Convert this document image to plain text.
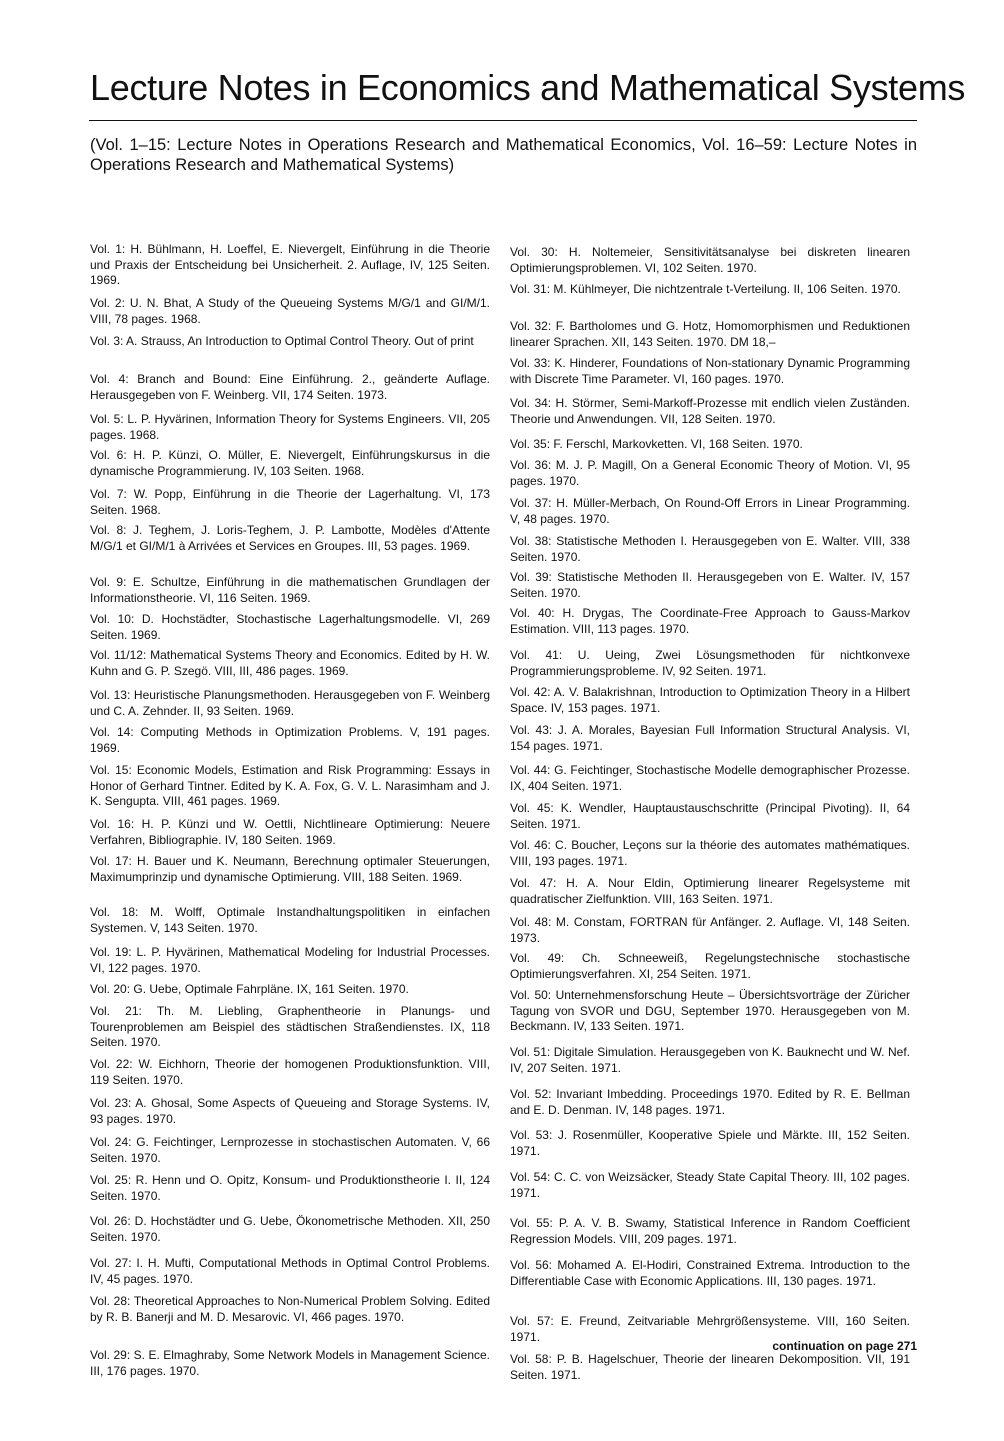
Lecture Notes in Economics and Mathematical Systems
(Vol. 1–15: Lecture Notes in Operations Research and Mathematical Economics, Vol. 16–59: Lecture Notes in Operations Research and Mathematical Systems)

Vol. 1: H. Bühlmann, H. Loeffel, E. Nievergelt, Einführung in die Theorie und Praxis der Entscheidung bei Unsicherheit. 2. Auflage, IV, 125 Seiten. 1969.

Vol. 2: U. N. Bhat, A Study of the Queueing Systems M/G/1 and GI/M/1. VIII, 78 pages. 1968.

Vol. 3: A. Strauss, An Introduction to Optimal Control Theory. Out of print

Vol. 4: Branch and Bound: Eine Einführung. 2., geänderte Auflage. Herausgegeben von F. Weinberg. VII, 174 Seiten. 1973.

Vol. 5: L. P. Hyvärinen, Information Theory for Systems Engineers. VII, 205 pages. 1968.

Vol. 6: H. P. Künzi, O. Müller, E. Nievergelt, Einführungskursus in die dynamische Programmierung. IV, 103 Seiten. 1968.

Vol. 7: W. Popp, Einführung in die Theorie der Lagerhaltung. VI, 173 Seiten. 1968.

Vol. 8: J. Teghem, J. Loris-Teghem, J. P. Lambotte, Modèles d'Attente M/G/1 et GI/M/1 à Arrivées et Services en Groupes. III, 53 pages. 1969.

Vol. 9: E. Schultze, Einführung in die mathematischen Grundlagen der Informationstheorie. VI, 116 Seiten. 1969.

Vol. 10: D. Hochstädter, Stochastische Lagerhaltungsmodelle. VI, 269 Seiten. 1969.

Vol. 11/12: Mathematical Systems Theory and Economics. Edited by H. W. Kuhn and G. P. Szegö. VIII, III, 486 pages. 1969.

Vol. 13: Heuristische Planungsmethoden. Herausgegeben von F. Weinberg und C. A. Zehnder. II, 93 Seiten. 1969.

Vol. 14: Computing Methods in Optimization Problems. V, 191 pages. 1969.

Vol. 15: Economic Models, Estimation and Risk Programming: Essays in Honor of Gerhard Tintner. Edited by K. A. Fox, G. V. L. Narasimham and J. K. Sengupta. VIII, 461 pages. 1969.

Vol. 16: H. P. Künzi und W. Oettli, Nichtlineare Optimierung: Neuere Verfahren, Bibliographie. IV, 180 Seiten. 1969.

Vol. 17: H. Bauer und K. Neumann, Berechnung optimaler Steuerungen, Maximumprinzip und dynamische Optimierung. VIII, 188 Seiten. 1969.

Vol. 18: M. Wolff, Optimale Instandhaltungspolitiken in einfachen Systemen. V, 143 Seiten. 1970.

Vol. 19: L. P. Hyvärinen, Mathematical Modeling for Industrial Processes. VI, 122 pages. 1970.

Vol. 20: G. Uebe, Optimale Fahrpläne. IX, 161 Seiten. 1970.

Vol. 21: Th. M. Liebling, Graphentheorie in Planungs- und Tourenproblemen am Beispiel des städtischen Straßendienstes. IX, 118 Seiten. 1970.

Vol. 22: W. Eichhorn, Theorie der homogenen Produktionsfunktion. VIII, 119 Seiten. 1970.

Vol. 23: A. Ghosal, Some Aspects of Queueing and Storage Systems. IV, 93 pages. 1970.

Vol. 24: G. Feichtinger, Lernprozesse in stochastischen Automaten. V, 66 Seiten. 1970.

Vol. 25: R. Henn und O. Opitz, Konsum- und Produktionstheorie I. II, 124 Seiten. 1970.

Vol. 26: D. Hochstädter und G. Uebe, Ökonometrische Methoden. XII, 250 Seiten. 1970.

Vol. 27: I. H. Mufti, Computational Methods in Optimal Control Problems. IV, 45 pages. 1970.

Vol. 28: Theoretical Approaches to Non-Numerical Problem Solving. Edited by R. B. Banerji and M. D. Mesarovic. VI, 466 pages. 1970.

Vol. 29: S. E. Elmaghraby, Some Network Models in Management Science. III, 176 pages. 1970.

Vol. 30: H. Noltemeier, Sensitivitätsanalyse bei diskreten linearen Optimierungsproblemen. VI, 102 Seiten. 1970.

Vol. 31: M. Kühlmeyer, Die nichtzentrale t-Verteilung. II, 106 Seiten. 1970.

Vol. 32: F. Bartholomes und G. Hotz, Homomorphismen und Reduktionen linearer Sprachen. XII, 143 Seiten. 1970. DM 18,–

Vol. 33: K. Hinderer, Foundations of Non-stationary Dynamic Programming with Discrete Time Parameter. VI, 160 pages. 1970.

Vol. 34: H. Störmer, Semi-Markoff-Prozesse mit endlich vielen Zuständen. Theorie und Anwendungen. VII, 128 Seiten. 1970.

Vol. 35: F. Ferschl, Markovketten. VI, 168 Seiten. 1970.

Vol. 36: M. J. P. Magill, On a General Economic Theory of Motion. VI, 95 pages. 1970.

Vol. 37: H. Müller-Merbach, On Round-Off Errors in Linear Programming. V, 48 pages. 1970.

Vol. 38: Statistische Methoden I. Herausgegeben von E. Walter. VIII, 338 Seiten. 1970.

Vol. 39: Statistische Methoden II. Herausgegeben von E. Walter. IV, 157 Seiten. 1970.

Vol. 40: H. Drygas, The Coordinate-Free Approach to Gauss-Markov Estimation. VIII, 113 pages. 1970.

Vol. 41: U. Ueing, Zwei Lösungsmethoden für nichtkonvexe Programmierungsprobleme. IV, 92 Seiten. 1971.

Vol. 42: A. V. Balakrishnan, Introduction to Optimization Theory in a Hilbert Space. IV, 153 pages. 1971.

Vol. 43: J. A. Morales, Bayesian Full Information Structural Analysis. VI, 154 pages. 1971.

Vol. 44: G. Feichtinger, Stochastische Modelle demographischer Prozesse. IX, 404 Seiten. 1971.

Vol. 45: K. Wendler, Hauptaustauschschritte (Principal Pivoting). II, 64 Seiten. 1971.

Vol. 46: C. Boucher, Leçons sur la théorie des automates mathématiques. VIII, 193 pages. 1971.

Vol. 47: H. A. Nour Eldin, Optimierung linearer Regelsysteme mit quadratischer Zielfunktion. VIII, 163 Seiten. 1971.

Vol. 48: M. Constam, FORTRAN für Anfänger. 2. Auflage. VI, 148 Seiten. 1973.

Vol. 49: Ch. Schneeweiß, Regelungstechnische stochastische Optimierungsverfahren. XI, 254 Seiten. 1971.

Vol. 50: Unternehmensforschung Heute – Übersichtsvorträge der Züricher Tagung von SVOR und DGU, September 1970. Herausgegeben von M. Beckmann. IV, 133 Seiten. 1971.

Vol. 51: Digitale Simulation. Herausgegeben von K. Bauknecht und W. Nef. IV, 207 Seiten. 1971.

Vol. 52: Invariant Imbedding. Proceedings 1970. Edited by R. E. Bellman and E. D. Denman. IV, 148 pages. 1971.

Vol. 53: J. Rosenmüller, Kooperative Spiele und Märkte. III, 152 Seiten. 1971.

Vol. 54: C. C. von Weizsäcker, Steady State Capital Theory. III, 102 pages. 1971.

Vol. 55: P. A. V. B. Swamy, Statistical Inference in Random Coefficient Regression Models. VIII, 209 pages. 1971.

Vol. 56: Mohamed A. El-Hodiri, Constrained Extrema. Introduction to the Differentiable Case with Economic Applications. III, 130 pages. 1971.

Vol. 57: E. Freund, Zeitvariable Mehrgrößensysteme. VIII, 160 Seiten. 1971.

Vol. 58: P. B. Hagelschuer, Theorie der linearen Dekomposition. VII, 191 Seiten. 1971.

continuation on page 271
